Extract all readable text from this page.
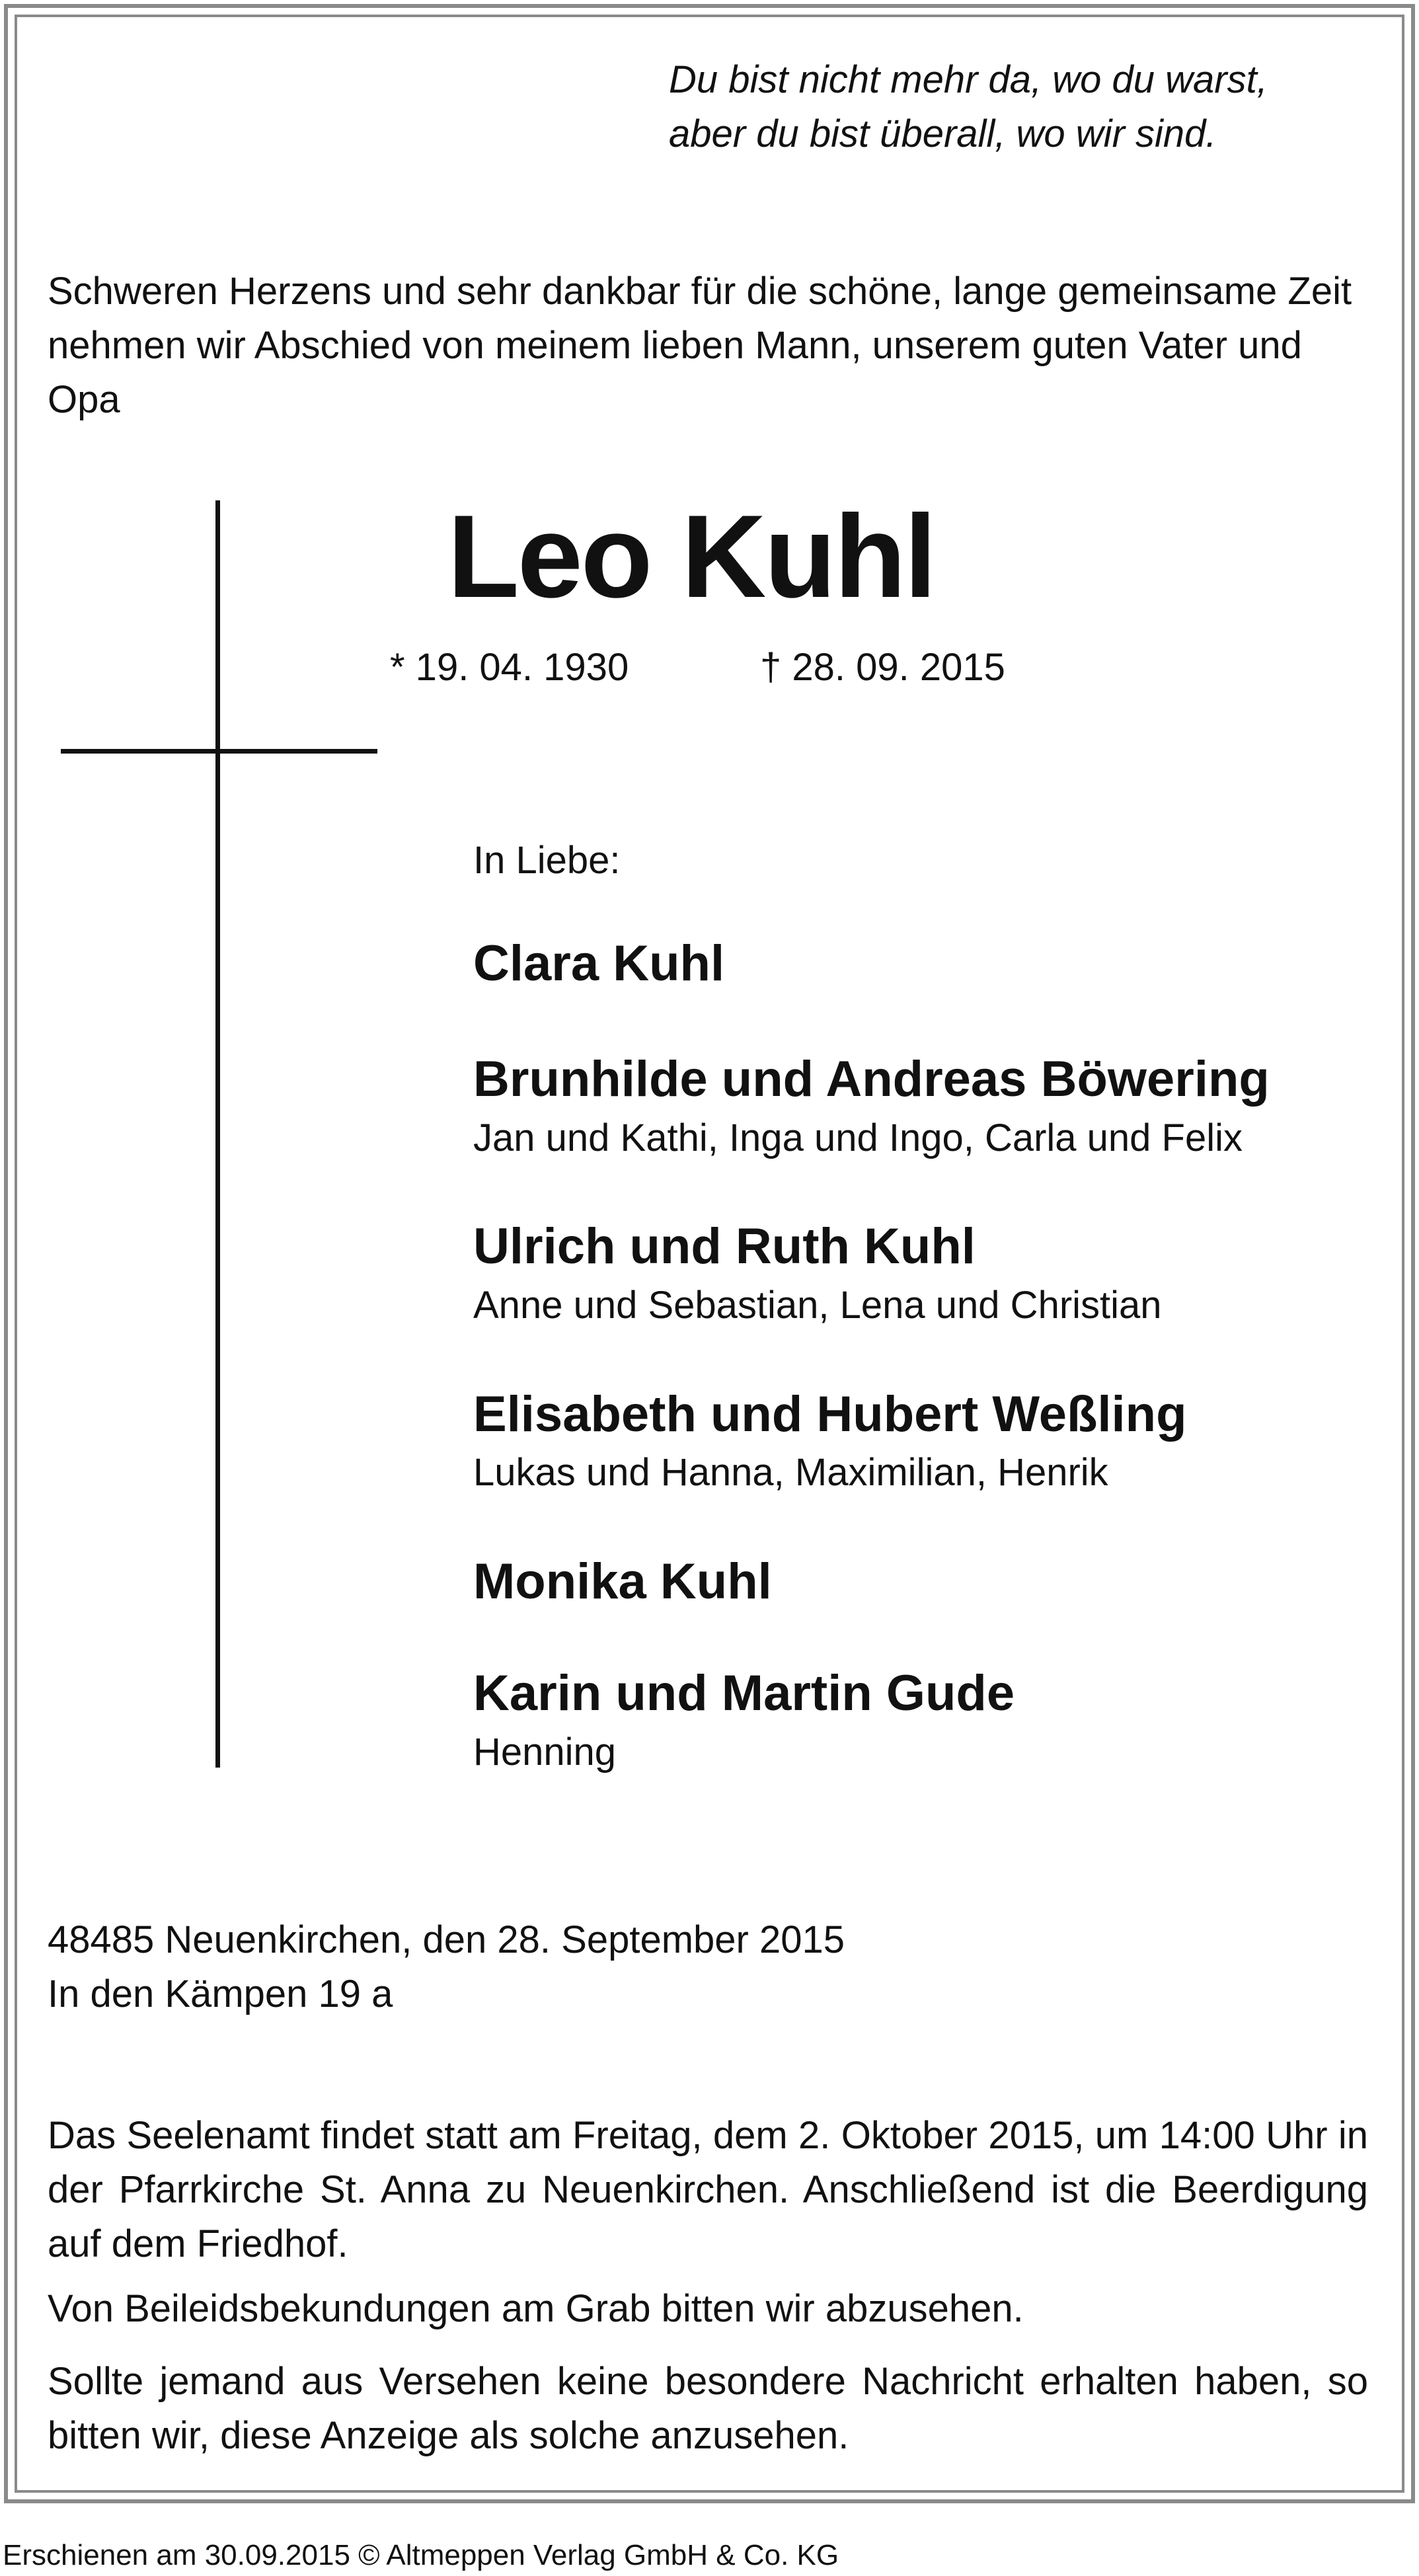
Du bist nicht mehr da, wo du warst,

aber du bist überall, wo wir sind.

Schweren Herzens und sehr dankbar für die schöne, lange gemeinsame Zeit nehmen wir Abschied von meinem lieben Mann, unserem guten Vater und Opa

Leo Kuhl

* 19. 04. 1930	† 28. 09. 2015

In Liebe:

Clara Kuhl

Brunhilde und Andreas Böwering

Jan und Kathi, Inga und Ingo, Carla und Felix

Ulrich und Ruth Kuhl

Anne und Sebastian, Lena und Christian

Elisabeth und Hubert Weßling

Lukas und Hanna, Maximilian, Henrik

Monika Kuhl

Karin und Martin Gude

Henning

48485 Neuenkirchen, den 28. September 2015

In den Kämpen 19 a

Das Seelenamt findet statt am Freitag, dem 2. Oktober 2015, um 14:00 Uhr in der Pfarrkirche St. Anna zu Neuenkirchen. Anschließend ist die Beerdigung auf dem Friedhof.

Von Beileidsbekundungen am Grab bitten wir abzusehen.

Sollte jemand aus Versehen keine besondere Nachricht erhalten haben, so bitten wir, diese Anzeige als solche anzusehen.

Erschienen am 30.09.2015 © Altmeppen Verlag GmbH & Co. KG
